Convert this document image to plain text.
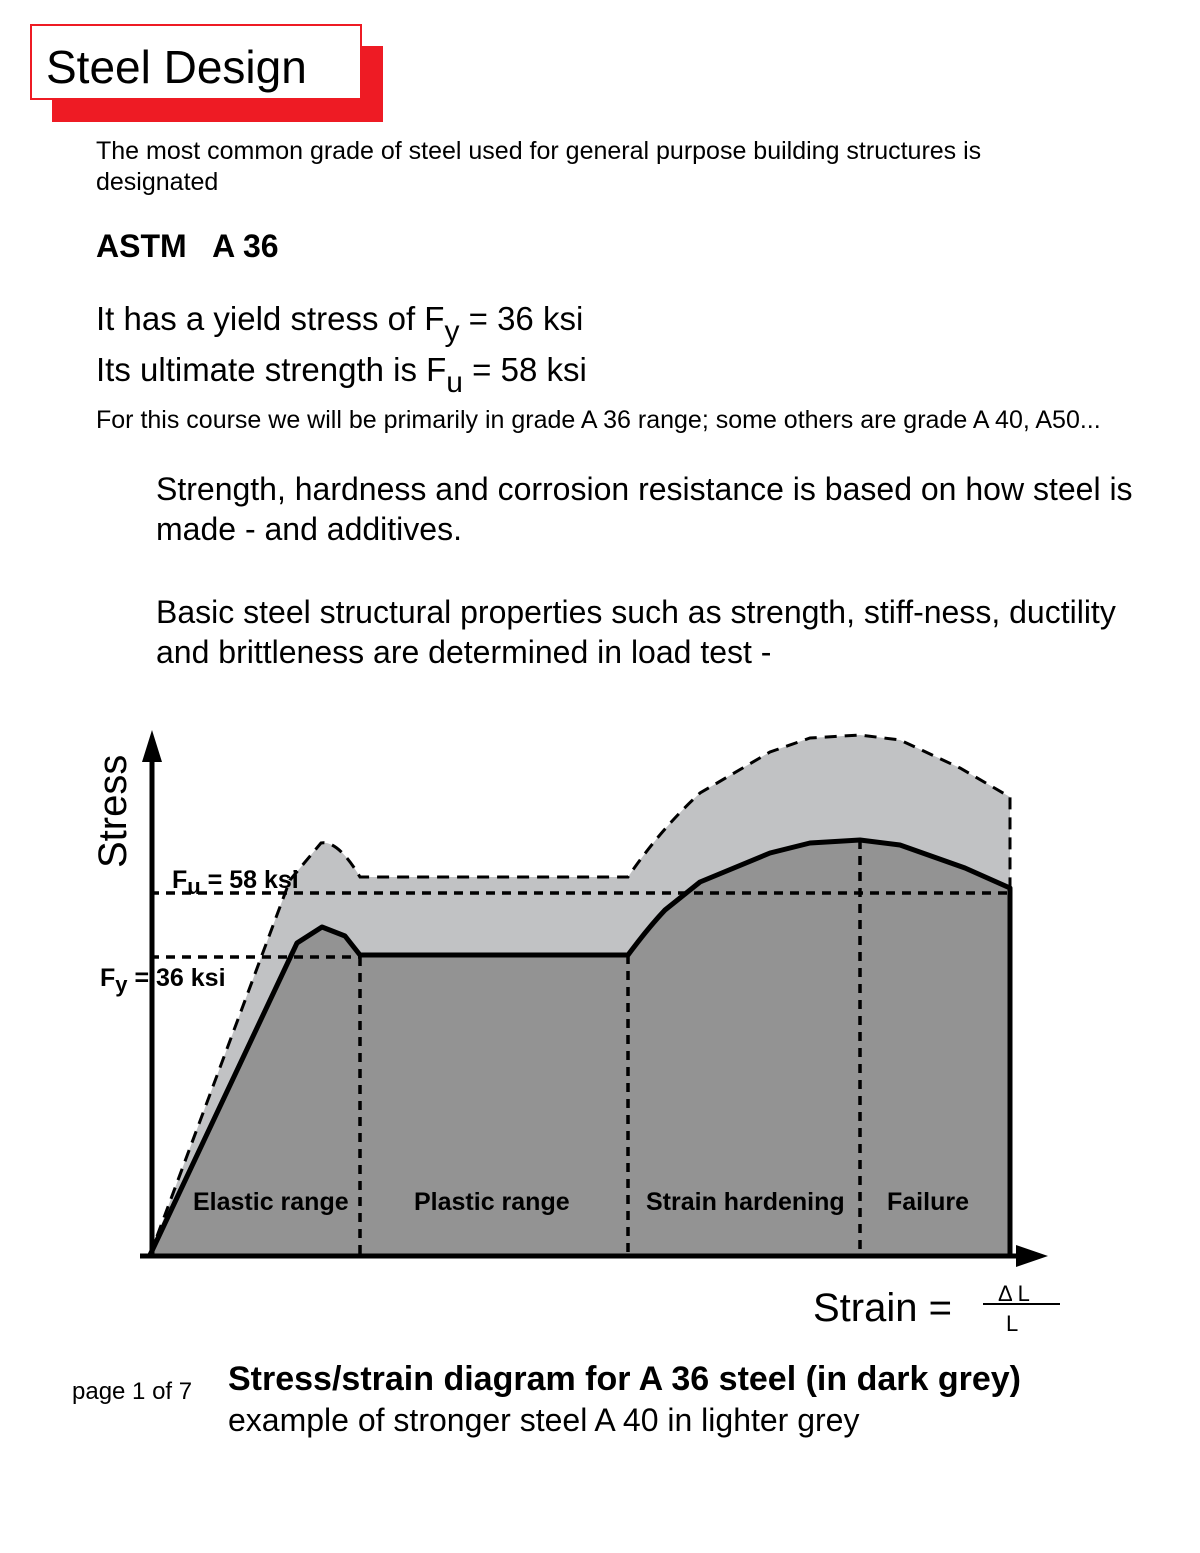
Steel Design
The most common grade of steel used for general purpose building structures is designated
ASTM A 36
It has a yield stress of Fy = 36 ksi
Its ultimate strength is Fu = 58 ksi
For this course we will be primarily in grade A 36 range; some others are grade A 40, A50...
Strength, hardness and corrosion resistance is based on how steel is made - and additives.
Basic steel structural properties such as strength, stiff-ness, ductility and brittleness are determined in load test -
Stress
Fu = 58 ksi
Fy = 36 ksi
Elastic range	Plastic range	Strain hardening Failure
Strain = Δ L
L
page 1 of 7 Stress/strain diagram for A 36 steel (in dark grey)
example of stronger steel A 40 in lighter grey
